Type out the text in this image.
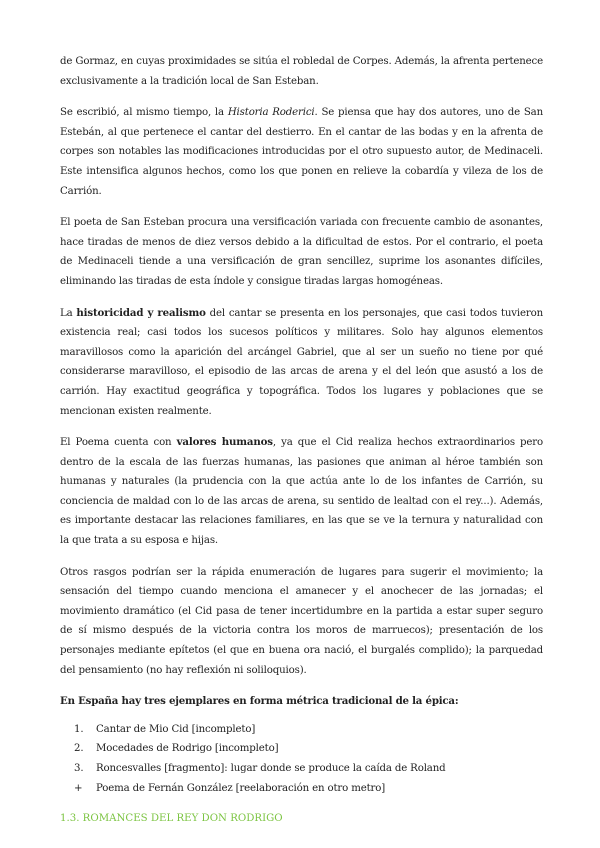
de Gormaz, en cuyas proximidades se sitúa el robledal de Corpes. Además, la afrenta pertenece exclusivamente a la tradición local de San Esteban.

Se escribió, al mismo tiempo, la Historia Roderici. Se piensa que hay dos autores, uno de San Estebán, al que pertenece el cantar del destierro. En el cantar de las bodas y en la afrenta de corpes son notables las modificaciones introducidas por el otro supuesto autor, de Medinaceli. Este intensifica algunos hechos, como los que ponen en relieve la cobardía y vileza de los de Carrión.

El poeta de San Esteban procura una versificación variada con frecuente cambio de asonantes, hace tiradas de menos de diez versos debido a la dificultad de estos. Por el contrario, el poeta de Medinaceli tiende a una versificación de gran sencillez, suprime los asonantes difíciles, eliminando las tiradas de esta índole y consigue tiradas largas homogéneas.

La historicidad y realismo del cantar se presenta en los personajes, que casi todos tuvieron existencia real; casi todos los sucesos políticos y militares. Solo hay algunos elementos maravillosos como la aparición del arcángel Gabriel, que al ser un sueño no tiene por qué considerarse maravilloso, el episodio de las arcas de arena y el del león que asustó a los de carrión. Hay exactitud geográfica y topográfica. Todos los lugares y poblaciones que se mencionan existen realmente.

El Poema cuenta con valores humanos, ya que el Cid realiza hechos extraordinarios pero dentro de la escala de las fuerzas humanas, las pasiones que animan al héroe también son humanas y naturales (la prudencia con la que actúa ante lo de los infantes de Carrión, su conciencia de maldad con lo de las arcas de arena, su sentido de lealtad con el rey...). Además, es importante destacar las relaciones familiares, en las que se ve la ternura y naturalidad con la que trata a su esposa e hijas.

Otros rasgos podrían ser la rápida enumeración de lugares para sugerir el movimiento; la sensación del tiempo cuando menciona el amanecer y el anochecer de las jornadas; el movimiento dramático (el Cid pasa de tener incertidumbre en la partida a estar super seguro de sí mismo después de la victoria contra los moros de marruecos); presentación de los personajes mediante epítetos (el que en buena ora nació, el burgalés complido); la parquedad del pensamiento (no hay reflexión ni soliloquios).

En España hay tres ejemplares en forma métrica tradicional de la épica:
1.	Cantar de Mio Cid [incompleto]
2.	Mocedades de Rodrigo [incompleto]
3.	Roncesvalles [fragmento]: lugar donde se produce la caída de Roland
+	Poema de Fernán González [reelaboración en otro metro]
1.3. ROMANCES DEL REY DON RODRIGO
